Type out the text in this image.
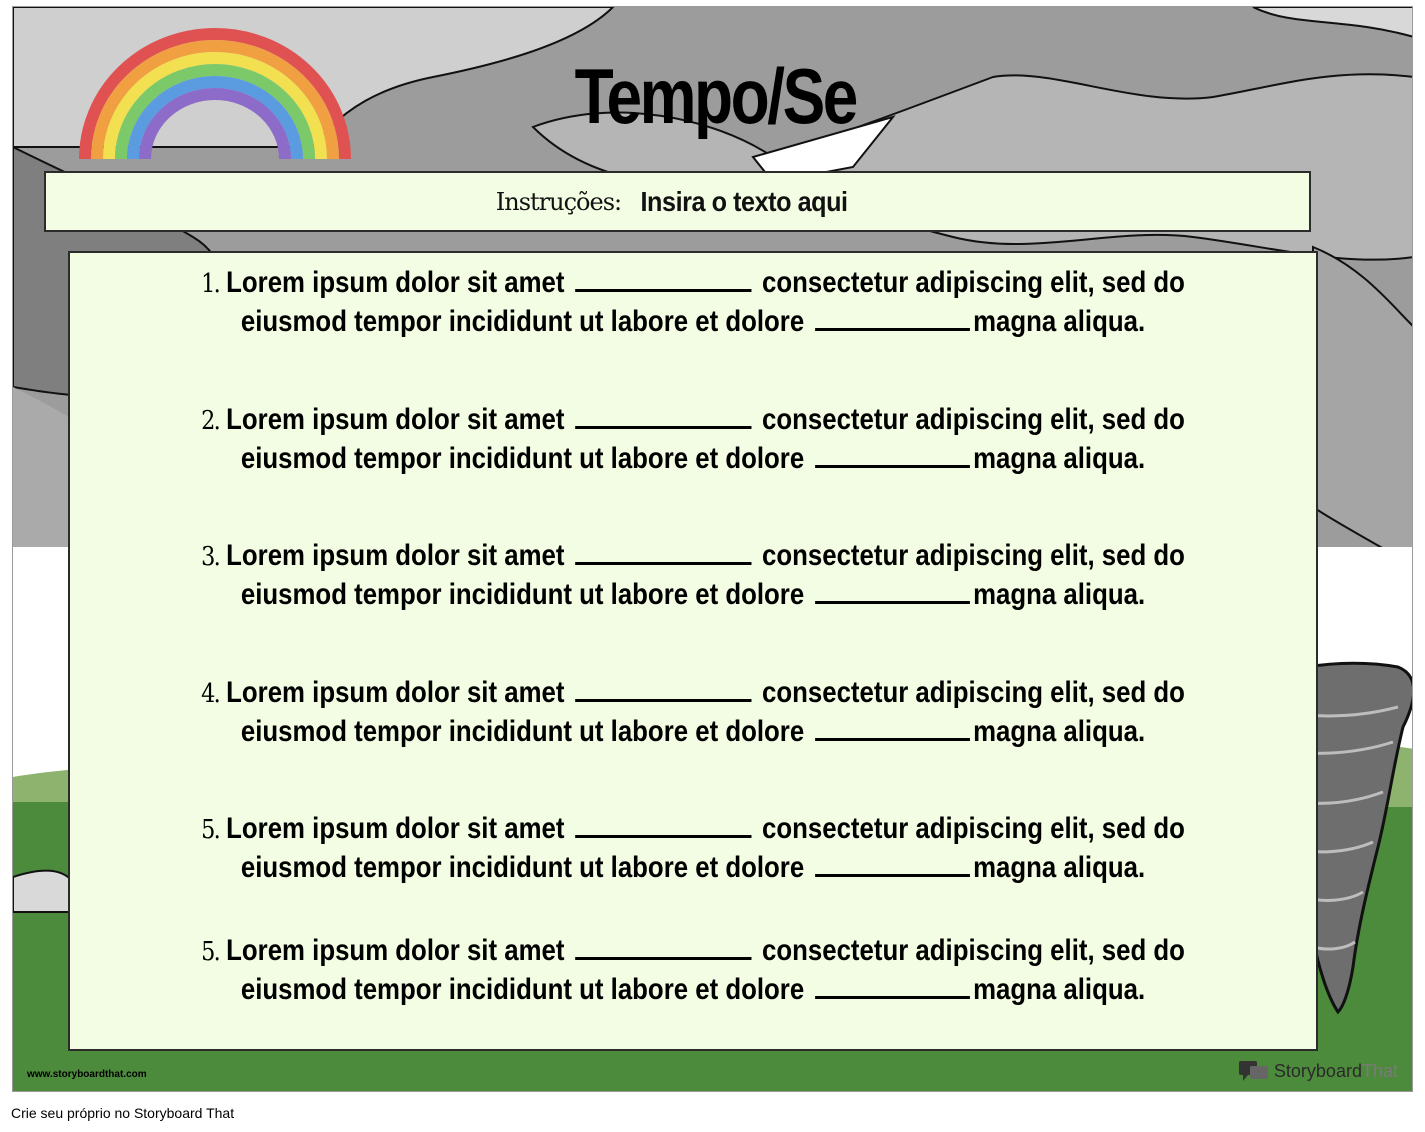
Tempo/Se
Instruções: Insira o texto aqui
1. Lorem ipsum dolor sit amet	consectetur adipiscing elit, sed do
eiusmod tempor incididunt ut labore et dolore	magna aliqua.
2. Lorem ipsum dolor sit amet	consectetur adipiscing elit, sed do
eiusmod tempor incididunt ut labore et dolore	magna aliqua.
3. Lorem ipsum dolor sit amet	consectetur adipiscing elit, sed do
eiusmod tempor incididunt ut labore et dolore	magna aliqua.
4. Lorem ipsum dolor sit amet	consectetur adipiscing elit, sed do
eiusmod tempor incididunt ut labore et dolore	magna aliqua.
5. Lorem ipsum dolor sit amet	consectetur adipiscing elit, sed do
eiusmod tempor incididunt ut labore et dolore	magna aliqua.
5. Lorem ipsum dolor sit amet	consectetur adipiscing elit, sed do
eiusmod tempor incididunt ut labore et dolore	magna aliqua.
www.storyboardthat.com	Storyboard That
Crie seu próprio no Storyboard That
